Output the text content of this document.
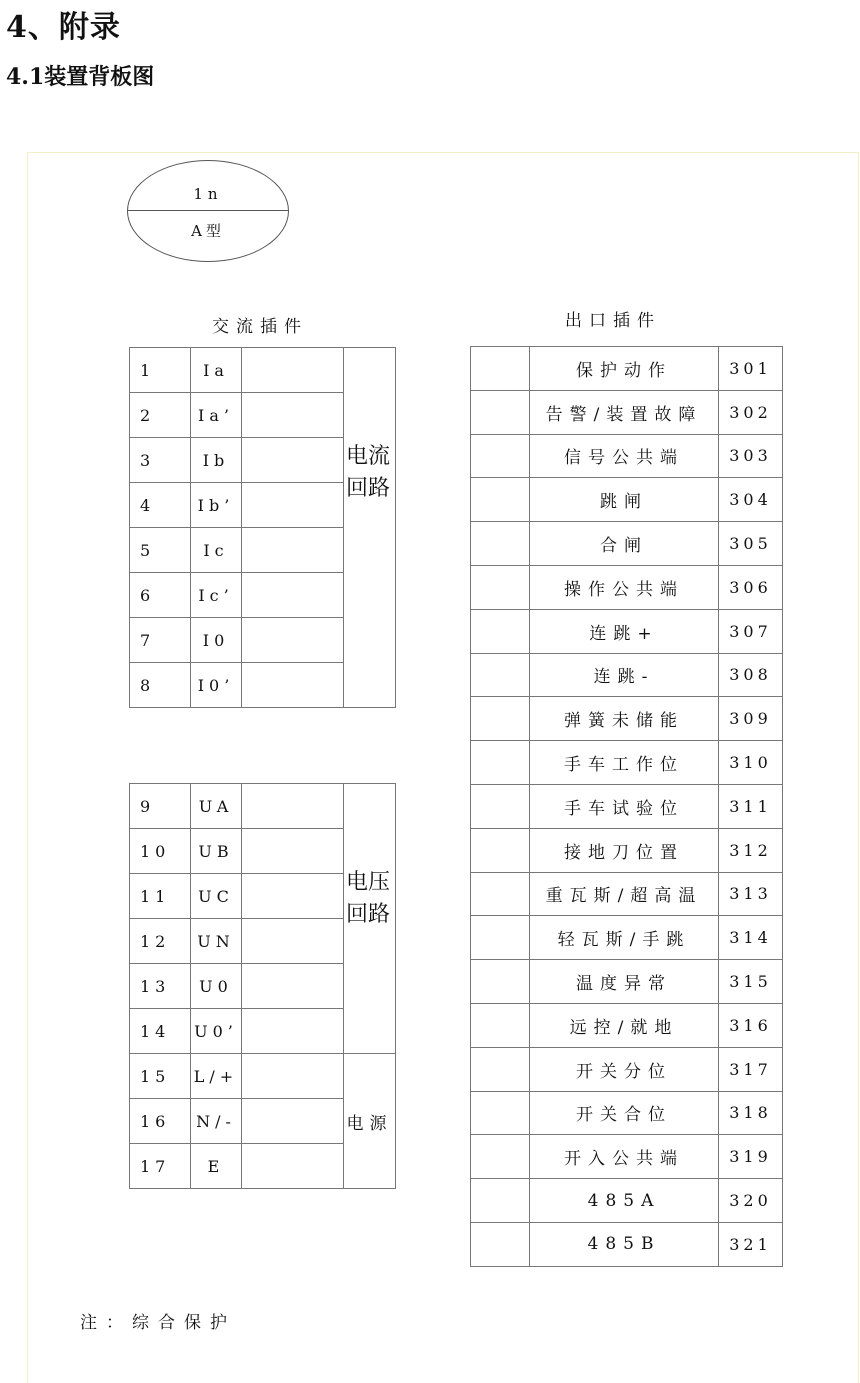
4、附录
4.1装置背板图
1n
A型
交流插件	出口插件
1	Ia		电流回路
2	Ia’		
3	Ib		
4	Ib’		
5	Ic		
6	Ic’		
7	I0		
8	I0’		
9	UA		电压回路
10	UB		
11	UC		
12	UN		
13	U0		
14	U0’		
15	L/+		电源
16	N/-		
17	E		
	保护动作	301
	告警/装置故障	302
	信号公共端	303
	跳闸	304
	合闸	305
	操作公共端	306
	连跳+	307
	连跳-	308
	弹簧未储能	309
	手车工作位	310
	手车试验位	311
	接地刀位置	312
	重瓦斯/超高温	313
	轻瓦斯/手跳	314
	温度异常	315
	远控/就地	316
	开关分位	317
	开关合位	318
	开入公共端	319
	485A	320
	485B	321
注：综合保护
